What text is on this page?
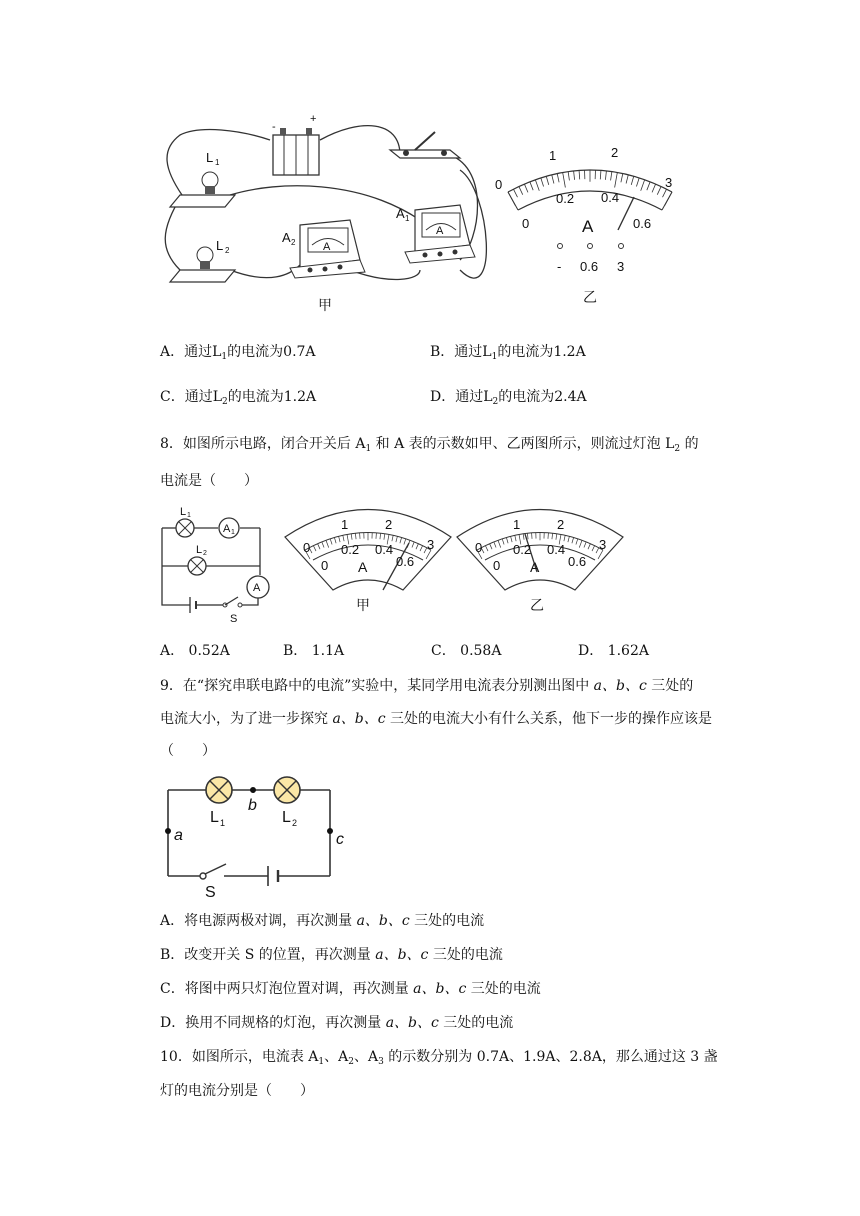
-
+
L 1
L 2	A
A 2
A
A 1
甲
0
1	2
3
0
0.2 0.4
0.6
A
- 0.6 3
乙
A．通过$L_1$的电流为0.7A	B．通过$L_1$的电流为1.2A
C．通过$L_2$的电流为1.2A	D．通过$L_2$的电流为2.4A
8．如图所示电路，闭合开关后 $A_1$ 和 A 表的示数如甲、乙两图所示，则流过灯泡 $L_2$ 的
电流是（　　）
L 1
A 1
L 2
A
S
0
1	2
3
0
0.2 0.4
0.6
A
甲
0
1	2
3
0
0.2 0.4
0.6
A
乙
A． 0.52A	B． 1.1A	C． 0.58A	D． 1.62A
9．在“探究串联电路中的电流”实验中，某同学用电流表分别测出图中 a、b、c 三处的
电流大小，为了进一步探究 a、b、c 三处的电流大小有什么关系，他下一步的操作应该是
（　　）
b
a	c
L 1	L 2
S
A．将电源两极对调，再次测量 a、b、c 三处的电流
B．改变开关 S 的位置，再次测量 a、b、c 三处的电流
C．将图中两只灯泡位置对调，再次测量 a、b、c 三处的电流
D．换用不同规格的灯泡，再次测量 a、b、c 三处的电流
10．如图所示，电流表 $A_1$、$A_2$、$A_3$ 的示数分别为 0.7A、1.9A、2.8A，那么通过这 3 盏
灯的电流分别是（　　）
